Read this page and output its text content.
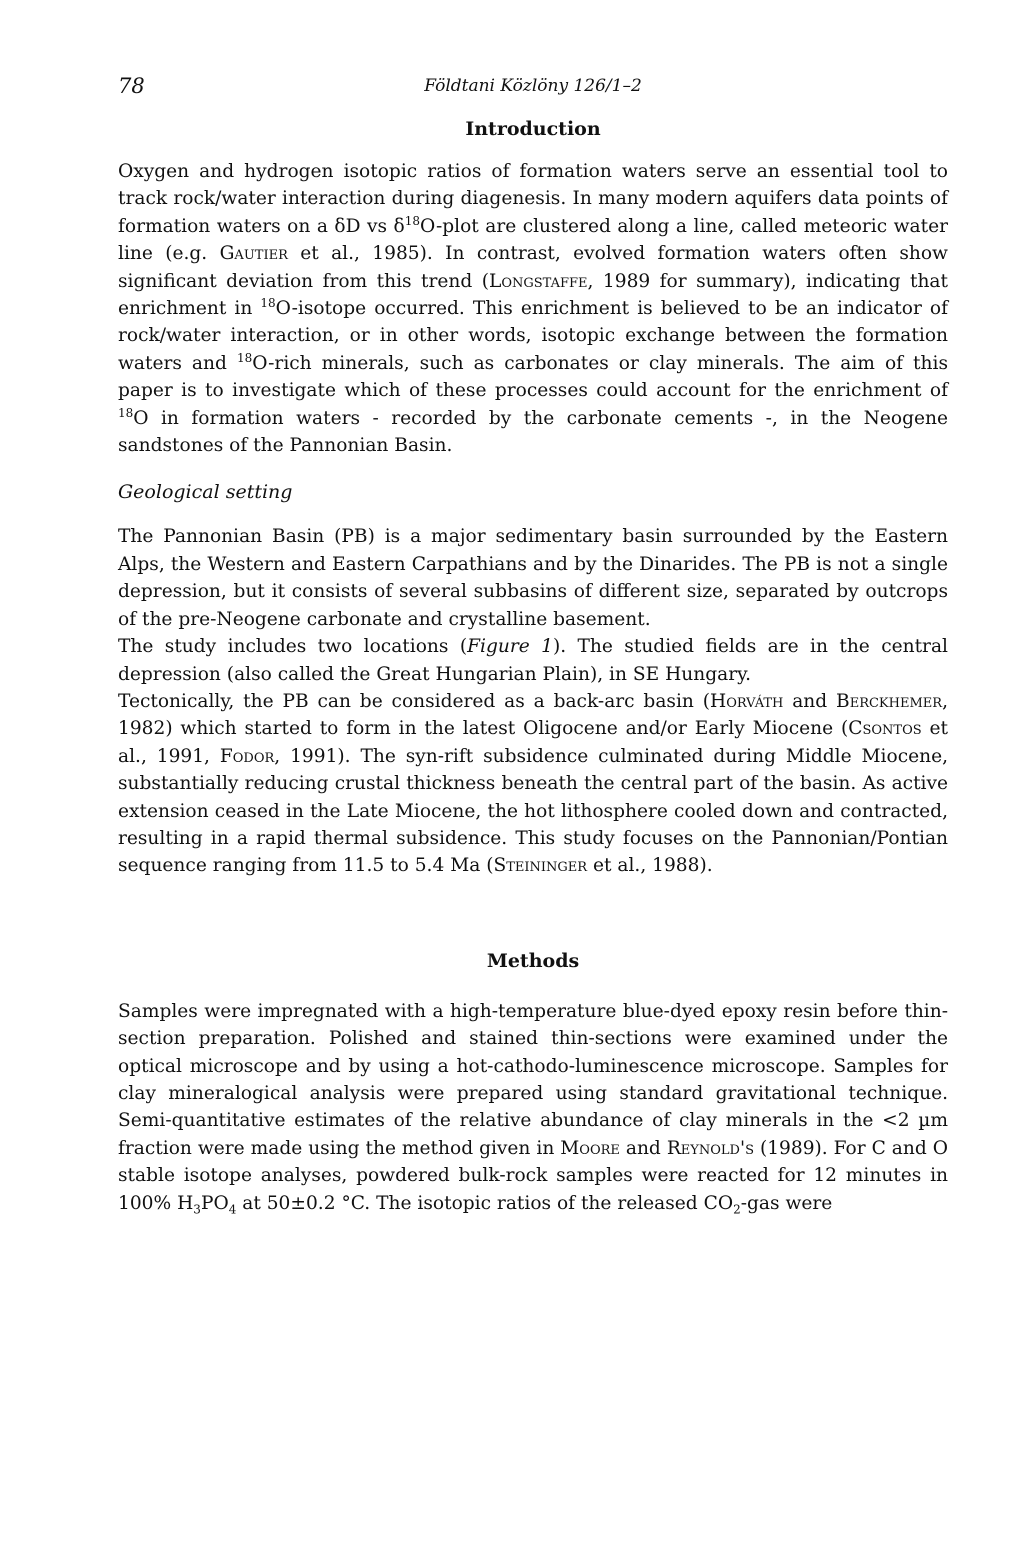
78	Földtani Közlöny 126/1–2
Introduction

Oxygen and hydrogen isotopic ratios of formation waters serve an essential tool to track rock/water interaction during diagenesis. In many modern aquifers data points of formation waters on a δD vs $\delta^{18}O$-plot are clustered along a line, called meteoric water line (e.g. Gautier et al., 1985). In contrast, evolved formation waters often show significant deviation from this trend (Longstaffe, 1989 for summary), indicating that enrichment in $^{18}$O-isotope occurred. This enrichment is believed to be an indicator of rock/water interaction, or in other words, isotopic exchange between the formation waters and $^{18}$O-rich minerals, such as carbonates or clay minerals. The aim of this paper is to investigate which of these processes could account for the enrichment of $^{18}$O in formation waters - recorded by the carbonate cements -, in the Neogene sandstones of the Pannonian Basin.

Geological setting

The Pannonian Basin (PB) is a major sedimentary basin surrounded by the Eastern Alps, the Western and Eastern Carpathians and by the Dinarides. The PB is not a single depression, but it consists of several subbasins of different size, separated by outcrops of the pre-Neogene carbonate and crystalline basement.

The study includes two locations (Figure 1). The studied fields are in the central depression (also called the Great Hungarian Plain), in SE Hungary.

Tectonically, the PB can be considered as a back-arc basin (Horváth and Berckhemer, 1982) which started to form in the latest Oligocene and/or Early Miocene (Csontos et al., 1991, Fodor, 1991). The syn-rift subsidence culminated during Middle Miocene, substantially reducing crustal thickness beneath the central part of the basin. As active extension ceased in the Late Miocene, the hot lithosphere cooled down and contracted, resulting in a rapid thermal subsidence. This study focuses on the Pannonian/Pontian sequence ranging from 11.5 to 5.4 Ma (Steininger et al., 1988).

Methods

Samples were impregnated with a high-temperature blue-dyed epoxy resin before thin-section preparation. Polished and stained thin-sections were examined under the optical microscope and by using a hot-cathodo-luminescence microscope. Samples for clay mineralogical analysis were prepared using standard gravitational technique. Semi-quantitative estimates of the relative abundance of clay minerals in the <2 µm fraction were made using the method given in Moore and Reynold's (1989). For C and O stable isotope analyses, powdered bulk-rock samples were reacted for 12 minutes in 100% $H_3PO_4$ at 50±0.2 °C. The isotopic ratios of the released $CO_2$-gas were
